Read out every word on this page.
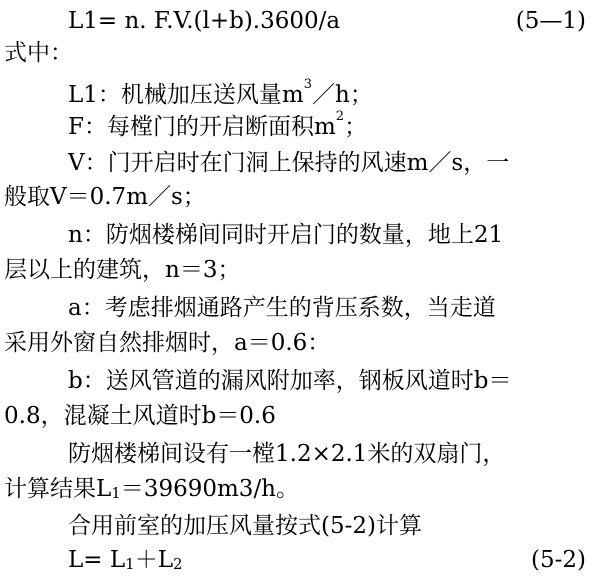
L1= n. F.V.(l+b).3600/a	(5—1)
式中：
L1：机械加压送风量$m^3/h$；
F：每樘门的开启断面积$m^2$；
V：门开启时在门洞上保持的风速m／s，一
般取V＝0.7m／s；
n：防烟楼梯间同时开启门的数量，地上21
层以上的建筑，n＝3；
a：考虑排烟通路产生的背压系数，当走道
采用外窗自然排烟时，a＝0.6：
b：送风管道的漏风附加率，钢板风道时b＝
0.8，混凝土风道时b＝0.6
防烟楼梯间设有一樘1.2×2.1米的双扇门，
计算结果$L_1=39690m3/h$。
合用前室的加压风量按式(5-2)计算
$L= L_1+L_2$	(5-2)
